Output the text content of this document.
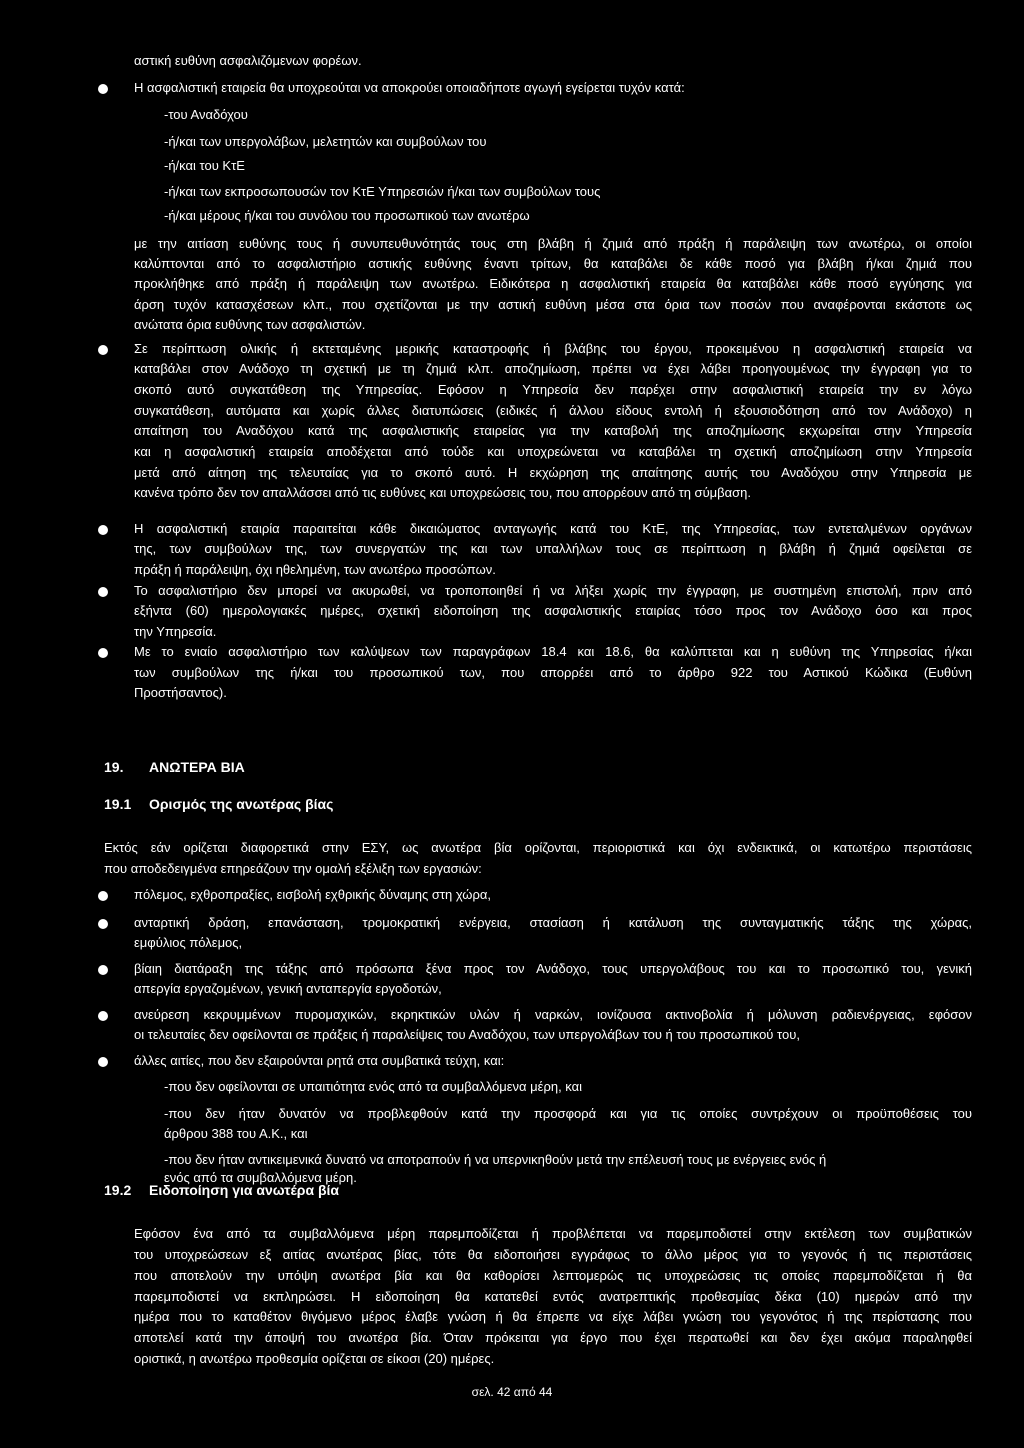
αστική ευθύνη ασφαλιζόμενων φορέων.
Η ασφαλιστική εταιρεία θα υποχρεούται να αποκρούει οποιαδήποτε αγωγή εγείρεται τυχόν κατά:
-του Αναδόχου
-ή/και των υπεργολάβων, μελετητών και συμβούλων του
-ή/και του ΚτΕ
-ή/και των εκπροσωπουσών τον ΚτΕ Υπηρεσιών ή/και των συμβούλων τους
-ή/και μέρους ή/και του συνόλου του προσωπικού των ανωτέρω
με την αιτίαση ευθύνης τους ή συνυπευθυνότητάς τους στη βλάβη ή ζημιά από πράξη ή παράλειψη των ανωτέρω, οι οποίοι
καλύπτονται από το ασφαλιστήριο αστικής ευθύνης έναντι τρίτων, θα καταβάλει δε κάθε ποσό για βλάβη ή/και ζημιά που
προκλήθηκε από πράξη ή παράλειψη των ανωτέρω. Ειδικότερα η ασφαλιστική εταιρεία θα καταβάλει κάθε ποσό εγγύησης για
άρση τυχόν κατασχέσεων κλπ., που σχετίζονται με την αστική ευθύνη μέσα στα όρια των ποσών που αναφέρονται εκάστοτε ως
ανώτατα όρια ευθύνης των ασφαλιστών.
Σε περίπτωση ολικής ή εκτεταμένης μερικής καταστροφής ή βλάβης του έργου, προκειμένου η ασφαλιστική εταιρεία να
καταβάλει στον Ανάδοχο τη σχετική με τη ζημιά κλπ. αποζημίωση, πρέπει να έχει λάβει προηγουμένως την έγγραφη για το
σκοπό αυτό συγκατάθεση της Υπηρεσίας. Εφόσον η Υπηρεσία δεν παρέχει στην ασφαλιστική εταιρεία την εν λόγω
συγκατάθεση, αυτόματα και χωρίς άλλες διατυπώσεις (ειδικές ή άλλου είδους εντολή ή εξουσιοδότηση από τον Ανάδοχο) η
απαίτηση του Αναδόχου κατά της ασφαλιστικής εταιρείας για την καταβολή της αποζημίωσης εκχωρείται στην Υπηρεσία
και η ασφαλιστική εταιρεία αποδέχεται από τούδε και υποχρεώνεται να καταβάλει τη σχετική αποζημίωση στην Υπηρεσία
μετά από αίτηση της τελευταίας για το σκοπό αυτό. Η εκχώρηση της απαίτησης αυτής του Αναδόχου στην Υπηρεσία με
κανένα τρόπο δεν τον απαλλάσσει από τις ευθύνες και υποχρεώσεις του, που απορρέουν από τη σύμβαση.
Η ασφαλιστική εταιρία παραιτείται κάθε δικαιώματος ανταγωγής κατά του ΚτΕ, της Υπηρεσίας, των εντεταλμένων οργάνων
της, των συμβούλων της, των συνεργατών της και των υπαλλήλων τους σε περίπτωση η βλάβη ή ζημιά οφείλεται σε
πράξη ή παράλειψη, όχι ηθελημένη, των ανωτέρω προσώπων.
Το ασφαλιστήριο δεν μπορεί να ακυρωθεί, να τροποποιηθεί ή να λήξει χωρίς την έγγραφη, με συστημένη επιστολή, πριν από
εξήντα (60) ημερολογιακές ημέρες, σχετική ειδοποίηση της ασφαλιστικής εταιρίας τόσο προς τον Ανάδοχο όσο και προς
την Υπηρεσία.
Με το ενιαίο ασφαλιστήριο των καλύψεων των παραγράφων 18.4 και 18.6, θα καλύπτεται και η ευθύνη της Υπηρεσίας ή/και
των συμβούλων της ή/και του προσωπικού των, που απορρέει από το άρθρο 922 του Αστικού Κώδικα (Ευθύνη
Προστήσαντος).
19. ΑΝΩΤΕΡΑ ΒΙΑ
19.1 Ορισμός της ανωτέρας βίας
Εκτός εάν ορίζεται διαφορετικά στην ΕΣΥ, ως ανωτέρα βία ορίζονται, περιοριστικά και όχι ενδεικτικά, οι κατωτέρω περιστάσεις
που αποδεδειγμένα επηρεάζουν την ομαλή εξέλιξη των εργασιών:
πόλεμος, εχθροπραξίες, εισβολή εχθρικής δύναμης στη χώρα,
ανταρτική δράση, επανάσταση, τρομοκρατική ενέργεια, στασίαση ή κατάλυση της συνταγματικής τάξης της χώρας,
εμφύλιος πόλεμος,
βίαιη διατάραξη της τάξης από πρόσωπα ξένα προς τον Ανάδοχο, τους υπεργολάβους του και το προσωπικό του, γενική
απεργία εργαζομένων, γενική ανταπεργία εργοδοτών,
ανεύρεση κεκρυμμένων πυρομαχικών, εκρηκτικών υλών ή ναρκών, ιονίζουσα ακτινοβολία ή μόλυνση ραδιενέργειας, εφόσον
οι τελευταίες δεν οφείλονται σε πράξεις ή παραλείψεις του Αναδόχου, των υπεργολάβων του ή του προσωπικού του,
άλλες αιτίες, που δεν εξαιρούνται ρητά στα συμβατικά τεύχη, και:
-που δεν οφείλονται σε υπαιτιότητα ενός από τα συμβαλλόμενα μέρη, και
-που δεν ήταν δυνατόν να προβλεφθούν κατά την προσφορά και για τις οποίες συντρέχουν οι προϋποθέσεις του
άρθρου 388 του Α.Κ., και
-που δεν ήταν αντικειμενικά δυνατό να αποτραπούν ή να υπερνικηθούν μετά την επέλευσή τους με ενέργειες ενός ή
ενός από τα συμβαλλόμενα μέρη.
19.2 Ειδοποίηση για ανωτέρα βία
Εφόσον ένα από τα συμβαλλόμενα μέρη παρεμποδίζεται ή προβλέπεται να παρεμποδιστεί στην εκτέλεση των συμβατικών
του υποχρεώσεων εξ αιτίας ανωτέρας βίας, τότε θα ειδοποιήσει εγγράφως το άλλο μέρος για το γεγονός ή τις περιστάσεις
που αποτελούν την υπόψη ανωτέρα βία και θα καθορίσει λεπτομερώς τις υποχρεώσεις τις οποίες παρεμποδίζεται ή θα
παρεμποδιστεί να εκπληρώσει. Η ειδοποίηση θα κατατεθεί εντός ανατρεπτικής προθεσμίας δέκα (10) ημερών από την
ημέρα που το καταθέτον θιγόμενο μέρος έλαβε γνώση ή θα έπρεπε να είχε λάβει γνώση του γεγονότος ή της περίστασης που
αποτελεί κατά την άποψή του ανωτέρα βία. Όταν πρόκειται για έργο που έχει περατωθεί και δεν έχει ακόμα παραληφθεί
οριστικά, η ανωτέρω προθεσμία ορίζεται σε είκοσι (20) ημέρες.
σελ. 42 από 44
